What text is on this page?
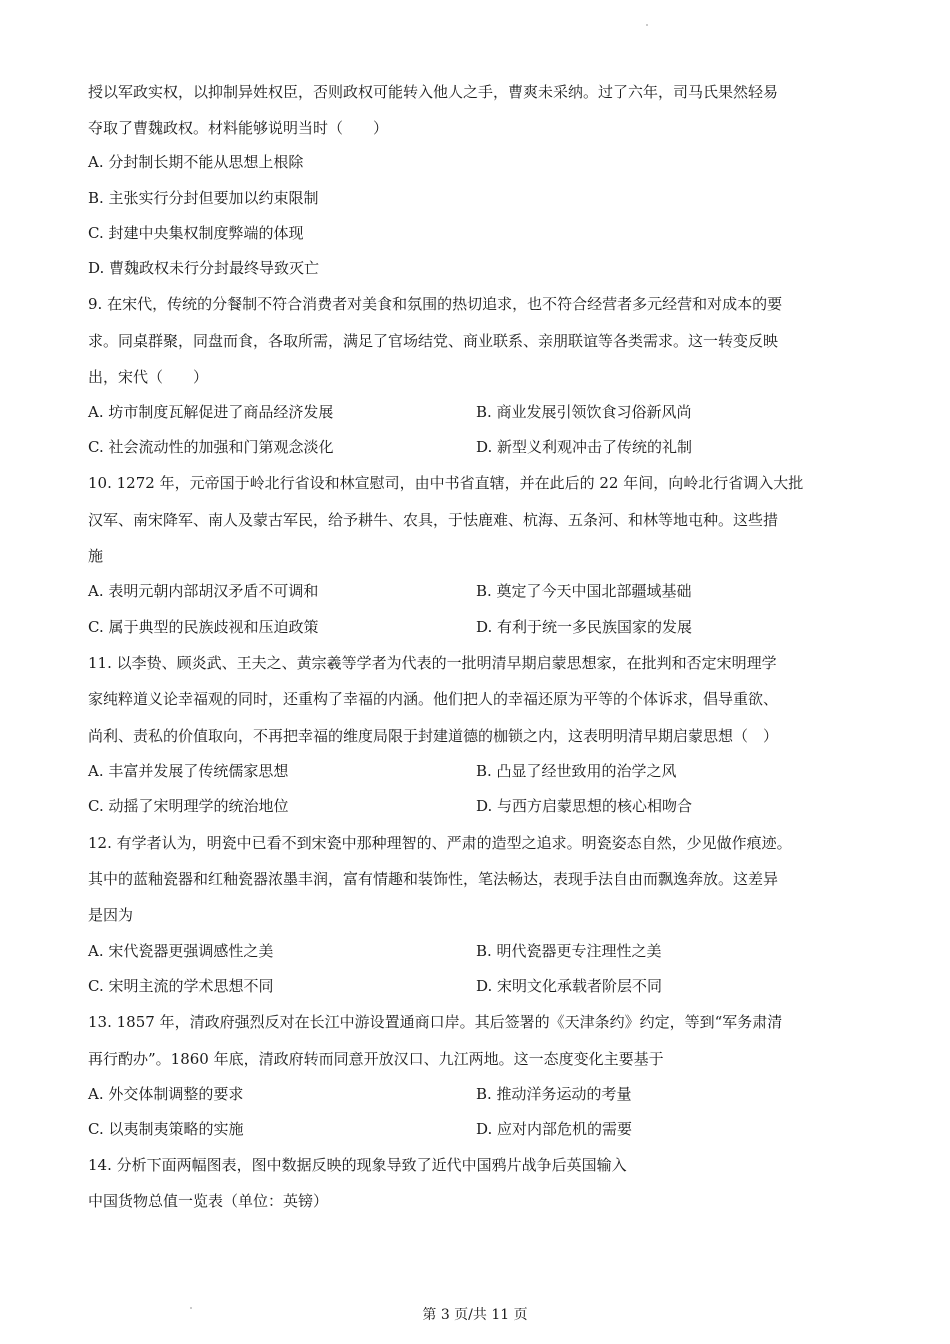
授以军政实权，以抑制异姓权臣，否则政权可能转入他人之手，曹爽未采纳。过了六年，司马氏果然轻易
夺取了曹魏政权。材料能够说明当时（　　）
A. 分封制长期不能从思想上根除
B. 主张实行分封但要加以约束限制
C. 封建中央集权制度弊端的体现
D. 曹魏政权未行分封最终导致灭亡
9. 在宋代，传统的分餐制不符合消费者对美食和氛围的热切追求，也不符合经营者多元经营和对成本的要
求。同桌群聚，同盘而食，各取所需，满足了官场结党、商业联系、亲朋联谊等各类需求。这一转变反映
出，宋代（　　）
A. 坊市制度瓦解促进了商品经济发展	B. 商业发展引领饮食习俗新风尚
C. 社会流动性的加强和门第观念淡化	D. 新型义利观冲击了传统的礼制
10. 1272 年，元帝国于岭北行省设和林宣慰司，由中书省直辖，并在此后的 22 年间，向岭北行省调入大批
汉军、南宋降军、南人及蒙古军民，给予耕牛、农具，于怯鹿难、杭海、五条河、和林等地屯种。这些措
施
A. 表明元朝内部胡汉矛盾不可调和	B. 奠定了今天中国北部疆域基础
C. 属于典型的民族歧视和压迫政策	D. 有利于统一多民族国家的发展
11. 以李贽、顾炎武、王夫之、黄宗羲等学者为代表的一批明清早期启蒙思想家，在批判和否定宋明理学
家纯粹道义论幸福观的同时，还重构了幸福的内涵。他们把人的幸福还原为平等的个体诉求，倡导重欲、
尚利、责私的价值取向，不再把幸福的维度局限于封建道德的枷锁之内，这表明明清早期启蒙思想（　）
A. 丰富并发展了传统儒家思想	B. 凸显了经世致用的治学之风
C. 动摇了宋明理学的统治地位	D. 与西方启蒙思想的核心相吻合
12. 有学者认为，明瓷中已看不到宋瓷中那种理智的、严肃的造型之追求。明瓷姿态自然，少见做作痕迹。
其中的蓝釉瓷器和红釉瓷器浓墨丰润，富有情趣和装饰性，笔法畅达，表现手法自由而飘逸奔放。这差异
是因为
A. 宋代瓷器更强调感性之美	B. 明代瓷器更专注理性之美
C. 宋明主流的学术思想不同	D. 宋明文化承载者阶层不同
13. 1857 年，清政府强烈反对在长江中游设置通商口岸。其后签署的《天津条约》约定，等到“军务肃清
再行酌办”。1860 年底，清政府转而同意开放汉口、九江两地。这一态度变化主要基于
A. 外交体制调整的要求	B. 推动洋务运动的考量
C. 以夷制夷策略的实施	D. 应对内部危机的需要
14. 分析下面两幅图表，图中数据反映的现象导致了近代中国鸦片战争后英国输入
中国货物总值一览表（单位：英镑）
第 3 页/共 11 页
